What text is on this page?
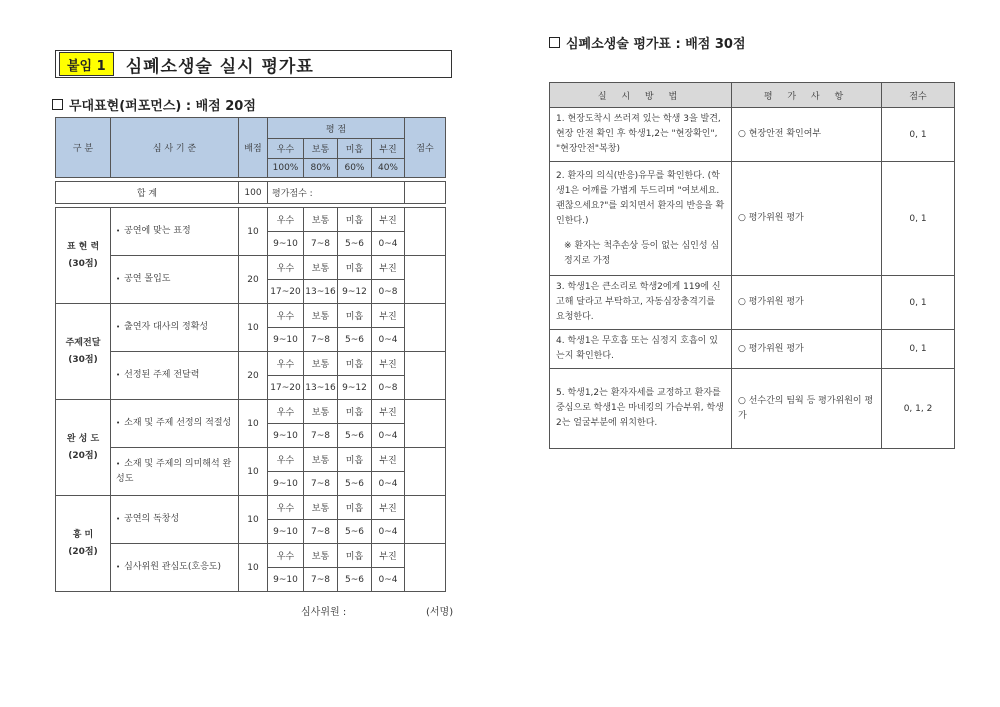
붙임 1	심폐소생술 실시 평가표
무대표현(퍼포먼스) : 배점 20점
구 분	심 사 기 준	배점	평 점				점수
			우수	보통	미흡	부진	
			100%	80%	60%	40%	

합 계		100	평가점수 :				

표 현 력
(30점)	• 공연에 맞는 표정	10	우수	보통	미흡	부진	
			9~10	7~8	5~6	0~4	
	• 공연 몰입도	20	우수	보통	미흡	부진	
			17~20	13~16	9~12	0~8	

주제전달
(30점)	• 출연자 대사의 정확성	10	우수	보통	미흡	부진	
			9~10	7~8	5~6	0~4	
	• 선정된 주제 전달력	20	우수	보통	미흡	부진	
			17~20	13~16	9~12	0~8	

완 성 도
(20점)	• 소재 및 주제 선정의 적절성	10	우수	보통	미흡	부진	
			9~10	7~8	5~6	0~4	
	• 소재 및 주제의 의미해석 완성도	10	우수	보통	미흡	부진	
			9~10	7~8	5~6	0~4	

흥 미
(20점)	• 공연의 독창성	10	우수	보통	미흡	부진	
			9~10	7~8	5~6	0~4	
	• 심사위원 관심도(호응도)	10	우수	보통	미흡	부진	
			9~10	7~8	5~6	0~4	
심사위원 :	(서명)
심폐소생술 평가표 : 배점 30점
실 시 방 법	평 가 사 항	점수
1. 현장도착시 쓰러져 있는 학생 3을 발견, 현장 안전 확인 후 학생1,2는 "현장확인", "현장안전"복창)	○ 현장안전 확인여부	0, 1
2. 환자의 의식(반응)유무를 확인한다. (학생1은 어깨를 가볍게 두드리며 "여보세요. 괜찮으세요?"를 외치면서 환자의 반응을 확인한다.)
※ 환자는 척추손상 등이 없는 심인성 심정지로 가정	○ 평가위원 평가	0, 1
3. 학생1은 큰소리로 학생2에게 119에 신고해 달라고 부탁하고, 자동심장충격기를 요청한다.	○ 평가위원 평가	0, 1
4. 학생1은 무호흡 또는 심정지 호흡이 있는지 확인한다.	○ 평가위원 평가	0, 1
5. 학생1,2는 환자자세를 교정하고 환자를 중심으로 학생1은 마네킹의 가슴부위, 학생2는 얼굴부분에 위치한다.	○ 선수간의 팀웍 등 평가위원이 평가	0, 1, 2
